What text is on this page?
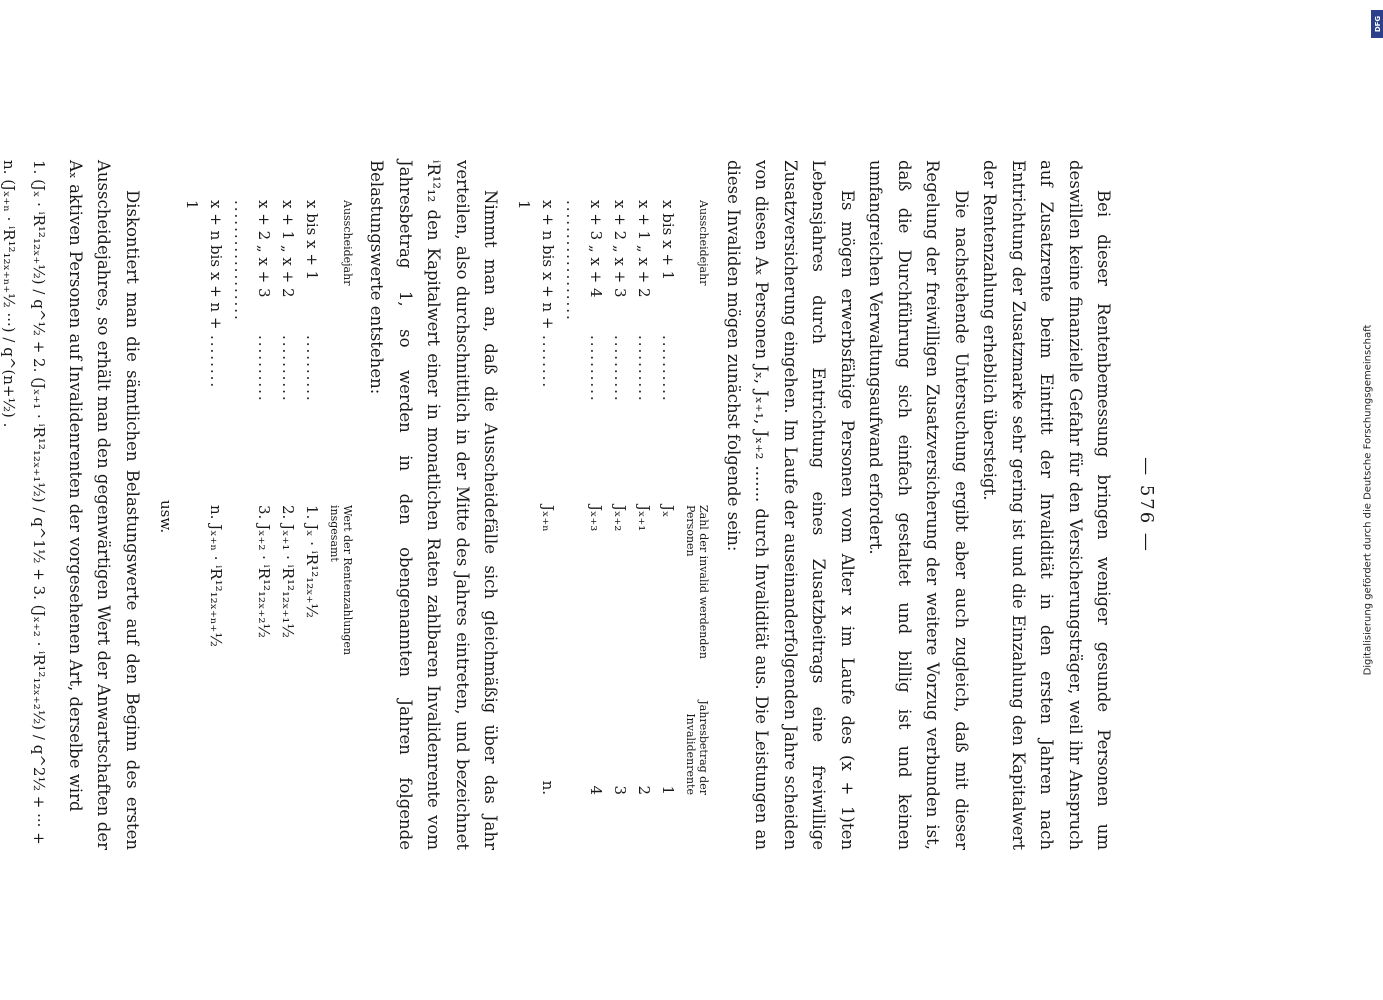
— 576 —

Bei dieser Rentenbemessung bringen weniger gesunde Personen um deswillen keine finanzielle Gefahr für den Versicherungsträger, weil ihr Anspruch auf Zusatzrente beim Eintritt der Invalidität in den ersten Jahren nach Entrichtung der Zusatzmarke sehr gering ist und die Einzahlung den Kapitalwert der Rentenzahlung erheblich übersteigt.

Die nachstehende Untersuchung ergibt aber auch zugleich, daß mit dieser Regelung der freiwilligen Zusatzversicherung der weitere Vorzug verbunden ist, daß die Durchführung sich einfach gestaltet und billig ist und keinen umfangreichen Verwaltungsaufwand erfordert.

Es mögen erwerbsfähige Personen vom Alter x im Laufe des (x + 1)ten Lebensjahres durch Entrichtung eines Zusatzbeitrags eine freiwillige Zusatzversicherung eingehen. Im Laufe der auseinanderfolgenden Jahre scheiden von diesen Aₓ Personen Jₓ, Jₓ₊₁, Jₓ₊₂ ....... durch Invalidität aus. Die Leistungen an diese Invaliden mögen zunächst folgende sein:

Ausscheidejahr
Zahl der invalid werdenden Personen
Jahresbetrag der Invalidenrente
x bis x + 1
..........
Jₓ
1
x + 1 „ x + 2
..........
Jₓ₊₁
2
x + 2 „ x + 3
..........
Jₓ₊₂
3
x + 3 „ x + 4
..........
Jₓ₊₃
4
..................
x + n bis x + n + 1
........
Jₓ₊ₙ
n.

Nimmt man an, daß die Ausscheidefälle sich gleichmäßig über das Jahr verteilen, also durchschnittlich in der Mitte des Jahres eintreten, und bezeichnet ⁱR¹²₁₂ den Kapitalwert einer in monatlichen Raten zahlbaren Invalidenrente vom Jahresbetrag 1, so werden in den obengenannten Jahren folgende Belastungswerte entstehen:

Ausscheidejahr
Wert der Rentenzahlungen insgesamt
x bis x + 1
..........
1. Jₓ · ⁱR¹²₁₂ₓ₊½
x + 1 „ x + 2
..........
2. Jₓ₊₁ · ⁱR¹²₁₂ₓ₊₁½
x + 2 „ x + 3
..........
3. Jₓ₊₂ · ⁱR¹²₁₂ₓ₊₂½
..................
x + n bis x + n + 1
........
n. Jₓ₊ₙ · ⁱR¹²₁₂ₓ₊ₙ₊½
usw.

Diskontiert man die sämtlichen Belastungswerte auf den Beginn des ersten Ausscheidejahres, so erhält man den gegenwärtigen Wert der Anwartschaften der Aₓ aktiven Personen auf Invalidenrenten der vorgesehenen Art, derselbe wird

1. (Jₓ · ⁱR¹²₁₂ₓ₊½) / q^½ + 2. (Jₓ₊₁ · ⁱR¹²₁₂ₓ₊₁½) / q^1½ + 3. (Jₓ₊₂ · ⁱR¹²₁₂ₓ₊₂½) / q^2½ + ··· + n. (Jₓ₊ₙ · ⁱR¹²₁₂ₓ₊ₙ₊½ ···) / q^(n+½) .

Digitalisierung gefördert durch die Deutsche Forschungsgemeinschaft
DFG
